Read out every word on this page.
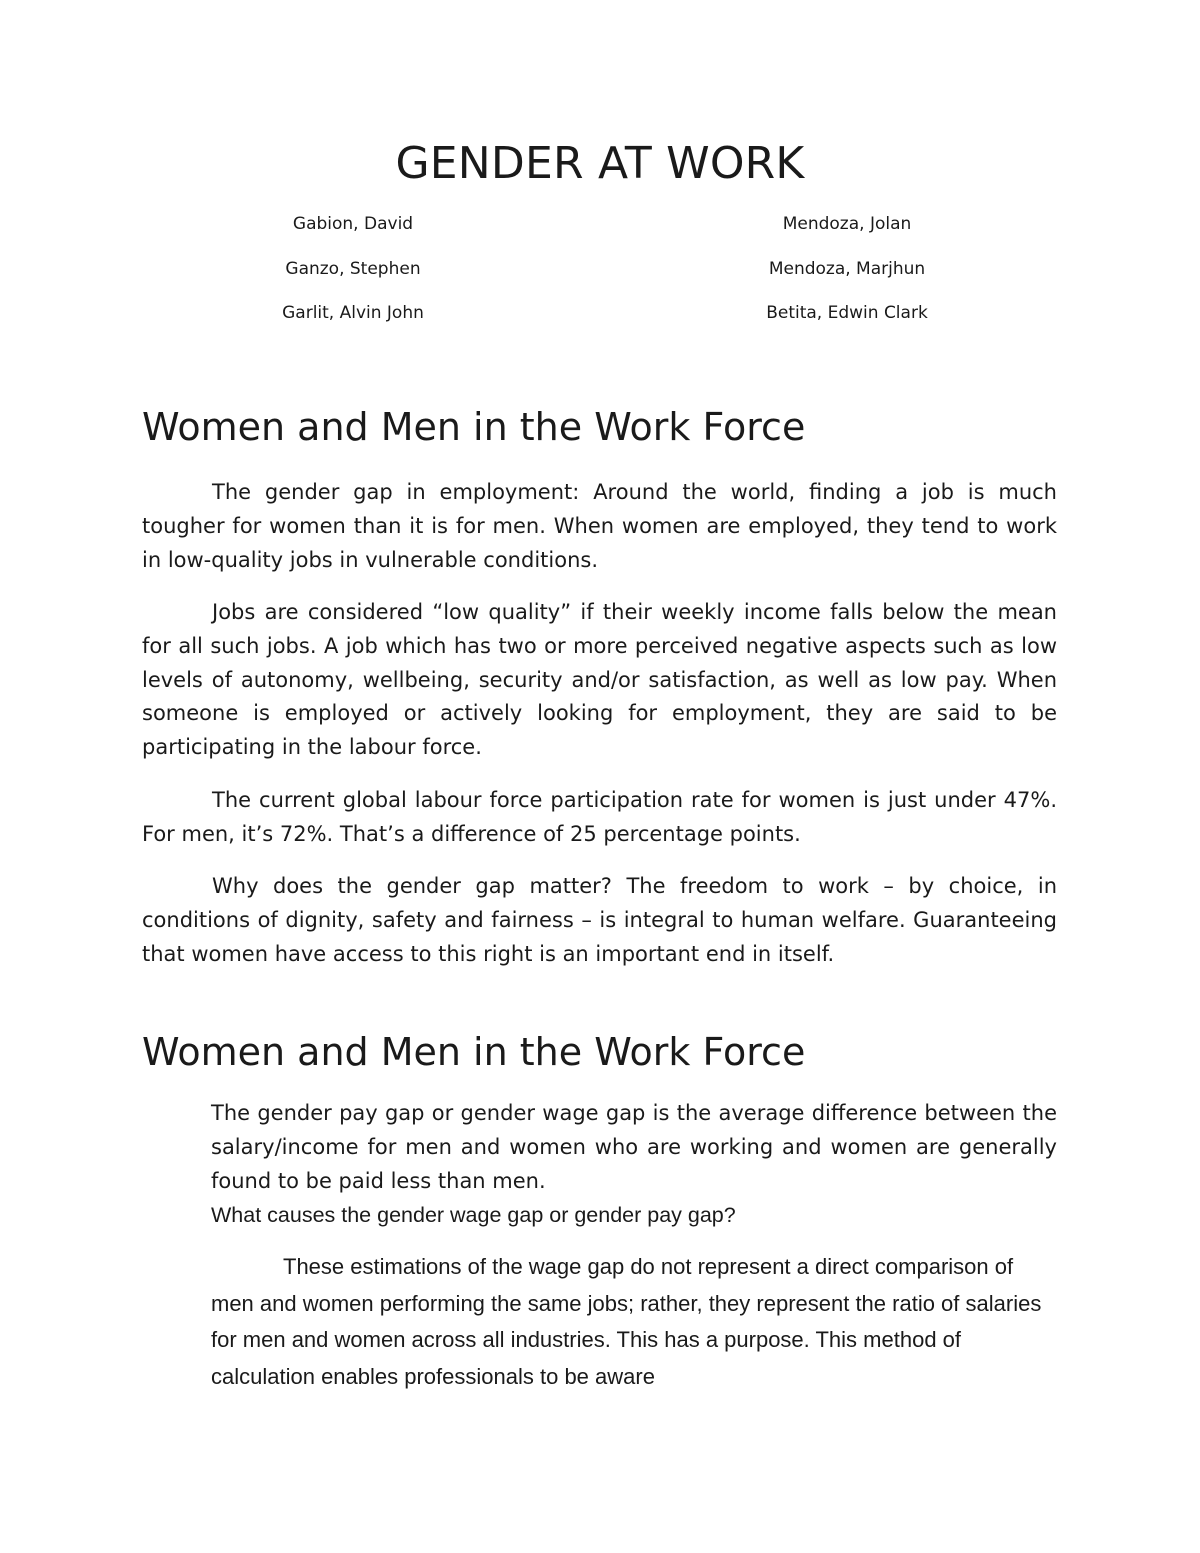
GENDER AT WORK

Gabion, David	Mendoza, Jolan

Ganzo, Stephen	Mendoza, Marjhun

Garlit, Alvin John	Betita, Edwin Clark

Women and Men in the Work Force

The gender gap in employment: Around the world, finding a job is much tougher for women than it is for men. When women are employed, they tend to work in low-quality jobs in vulnerable conditions.

Jobs are considered “low quality” if their weekly income falls below the mean for all such jobs. A job which has two or more perceived negative aspects such as low levels of autonomy, wellbeing, security and/or satisfaction, as well as low pay. When someone is employed or actively looking for employment, they are said to be participating in the labour force.

The current global labour force participation rate for women is just under 47%. For men, it’s 72%. That’s a difference of 25 percentage points.

Why does the gender gap matter? The freedom to work – by choice, in conditions of dignity, safety and fairness – is integral to human welfare. Guaranteeing that women have access to this right is an important end in itself.

Women and Men in the Work Force

The gender pay gap or gender wage gap is the average difference between the salary/income for men and women who are working and women are generally found to be paid less than men.

What causes the gender wage gap or gender pay gap?

These estimations of the wage gap do not represent a direct comparison of men and women performing the same jobs; rather, they represent the ratio of salaries for men and women across all industries. This has a purpose. This method of calculation enables professionals to be aware
